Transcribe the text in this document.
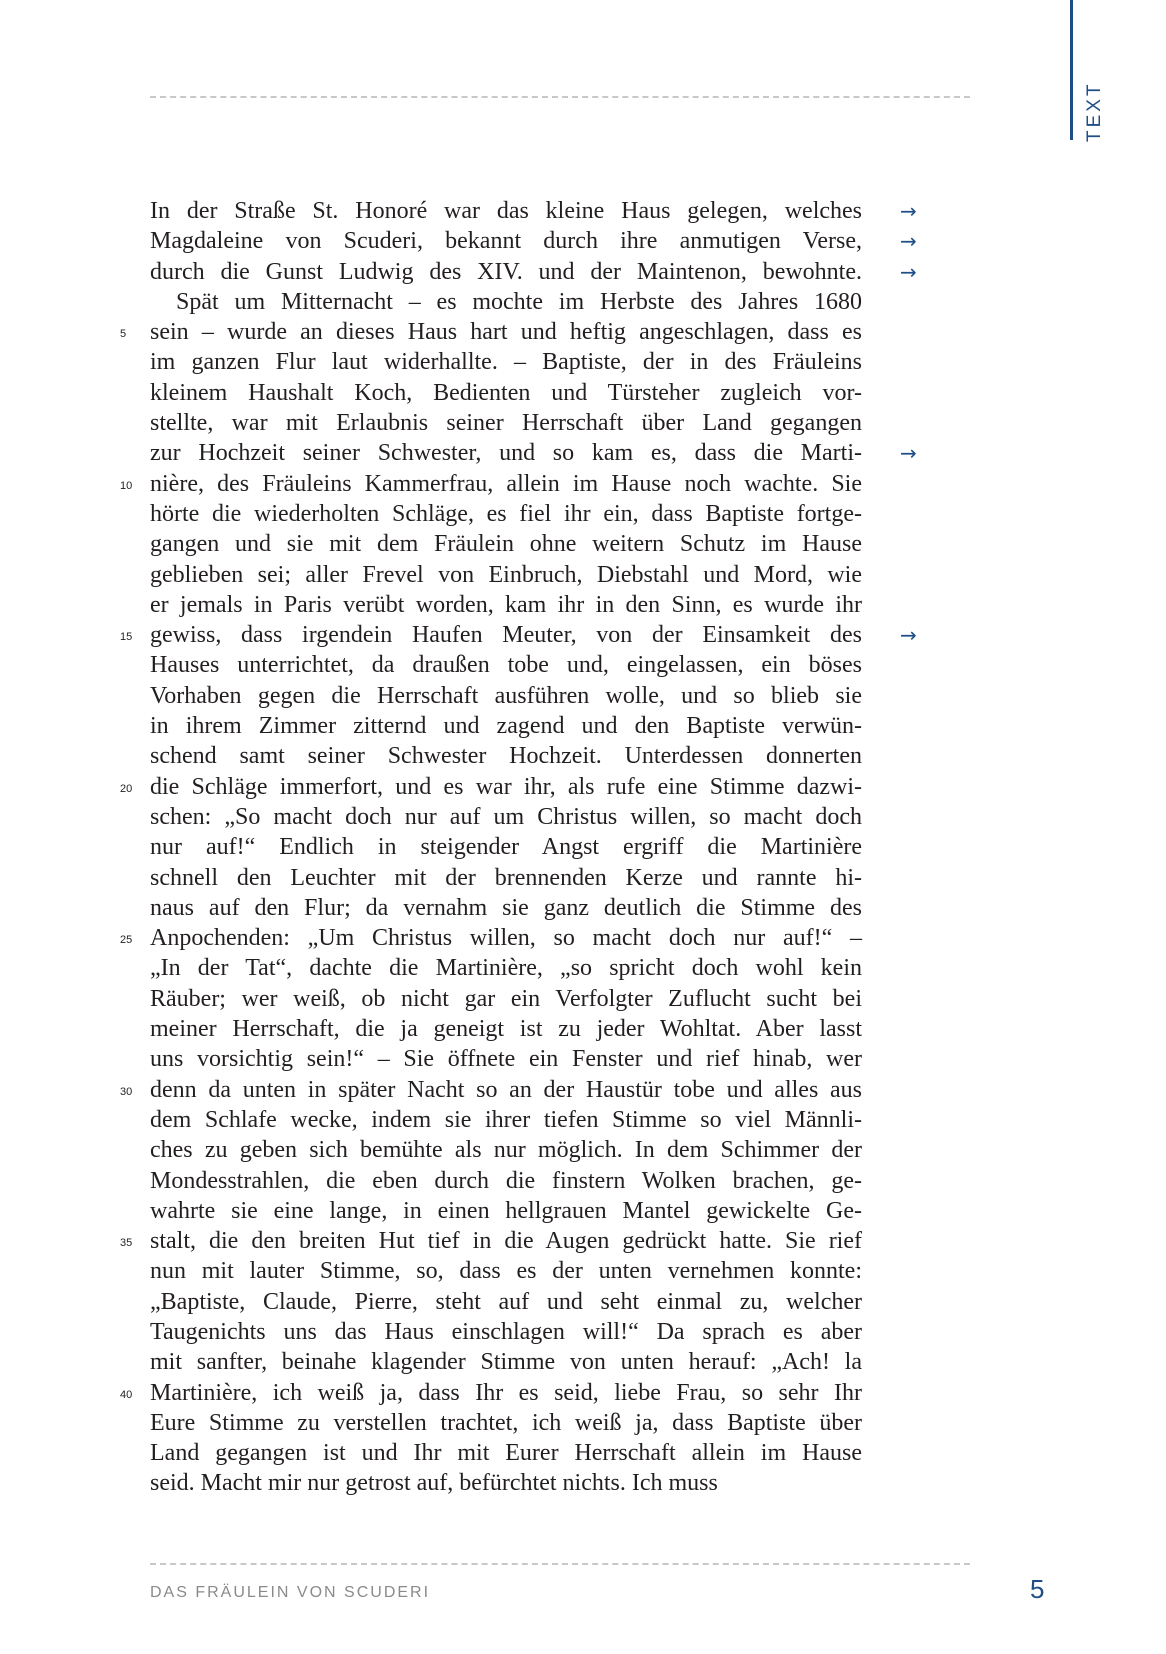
TEXT
In der Straße St. Honoré war das kleine Haus gelegen, welches →
Magdaleine von Scuderi, bekannt durch ihre anmutigen Verse, →
durch die Gunst Ludwig des XIV. und der Maintenon, bewohnte. →
Spät um Mitternacht – es mochte im Herbste des Jahres 1680
sein – wurde an dieses Haus hart und heftig angeschlagen, dass es
5
im ganzen Flur laut widerhallte. – Baptiste, der in des Fräuleins
kleinem Haushalt Koch, Bedienten und Türsteher zugleich vor-
stellte, war mit Erlaubnis seiner Herrschaft über Land gegangen
zur Hochzeit seiner Schwester, und so kam es, dass die Marti- →
nière, des Fräuleins Kammerfrau, allein im Hause noch wachte. Sie
10
hörte die wiederholten Schläge, es fiel ihr ein, dass Baptiste fortge-
gangen und sie mit dem Fräulein ohne weitern Schutz im Hause
geblieben sei; aller Frevel von Einbruch, Diebstahl und Mord, wie
er jemals in Paris verübt worden, kam ihr in den Sinn, es wurde ihr
gewiss, dass irgendein Haufen Meuter, von der Einsamkeit des
15	→
Hauses unterrichtet, da draußen tobe und, eingelassen, ein böses
Vorhaben gegen die Herrschaft ausführen wolle, und so blieb sie
in ihrem Zimmer zitternd und zagend und den Baptiste verwün-
schend samt seiner Schwester Hochzeit. Unterdessen donnerten
die Schläge immerfort, und es war ihr, als rufe eine Stimme dazwi-
20
schen: „So macht doch nur auf um Christus willen, so macht doch
nur auf!“ Endlich in steigender Angst ergriff die Martinière
schnell den Leuchter mit der brennenden Kerze und rannte hi-
naus auf den Flur; da vernahm sie ganz deutlich die Stimme des
Anpochenden: „Um Christus willen, so macht doch nur auf!“ –
25
„In der Tat“, dachte die Martinière, „so spricht doch wohl kein
Räuber; wer weiß, ob nicht gar ein Verfolgter Zuflucht sucht bei
meiner Herrschaft, die ja geneigt ist zu jeder Wohltat. Aber lasst
uns vorsichtig sein!“ – Sie öffnete ein Fenster und rief hinab, wer
denn da unten in später Nacht so an der Haustür tobe und alles aus
30
dem Schlafe wecke, indem sie ihrer tiefen Stimme so viel Männli-
ches zu geben sich bemühte als nur möglich. In dem Schimmer der
Mondesstrahlen, die eben durch die finstern Wolken brachen, ge-
wahrte sie eine lange, in einen hellgrauen Mantel gewickelte Ge-
stalt, die den breiten Hut tief in die Augen gedrückt hatte. Sie rief
35
nun mit lauter Stimme, so, dass es der unten vernehmen konnte:
„Baptiste, Claude, Pierre, steht auf und seht einmal zu, welcher
Taugenichts uns das Haus einschlagen will!“ Da sprach es aber
mit sanfter, beinahe klagender Stimme von unten herauf: „Ach! la
Martinière, ich weiß ja, dass Ihr es seid, liebe Frau, so sehr Ihr
40
Eure Stimme zu verstellen trachtet, ich weiß ja, dass Baptiste über
Land gegangen ist und Ihr mit Eurer Herrschaft allein im Hause
seid. Macht mir nur getrost auf, befürchtet nichts. Ich muss
DAS FRÄULEIN VON SCUDERI	5
